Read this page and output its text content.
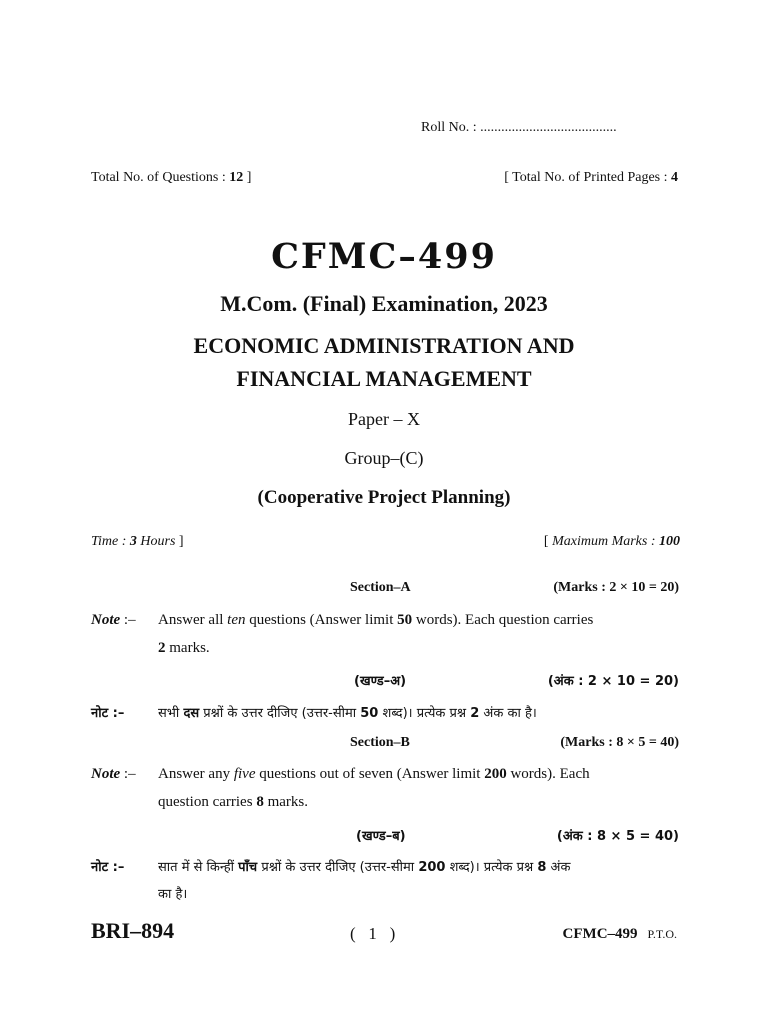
Roll No. : .......................................
Total No. of Questions : 12 ]	[ Total No. of Printed Pages : 4
CFMC–499
M.Com. (Final) Examination, 2023
ECONOMIC ADMINISTRATION AND
FINANCIAL MANAGEMENT
Paper – X
Group–(C)
(Cooperative Project Planning)
Time : 3 Hours ]	[ Maximum Marks : 100
Section–A	(Marks : 2 × 10 = 20)
Note :– Answer all ten questions (Answer limit 50 words). Each question carries
2 marks.
(खण्ड–अ)	(अंक : 2 × 10 = 20)
नोट :–	सभी दस प्रश्नों के उत्तर दीजिए (उत्तर-सीमा 50 शब्द)। प्रत्येक प्रश्न 2 अंक का है।
Section–B	(Marks : 8 × 5 = 40)
Note :– Answer any five questions out of seven (Answer limit 200 words). Each
question carries 8 marks.
(खण्ड–ब)	(अंक : 8 × 5 = 40)
नोट :–	सात में से किन्हीं पाँच प्रश्नों के उत्तर दीजिए (उत्तर-सीमा 200 शब्द)। प्रत्येक प्रश्न 8 अंक
का है।
BRI–894	(   1   )	CFMC–499 P.T.O.
